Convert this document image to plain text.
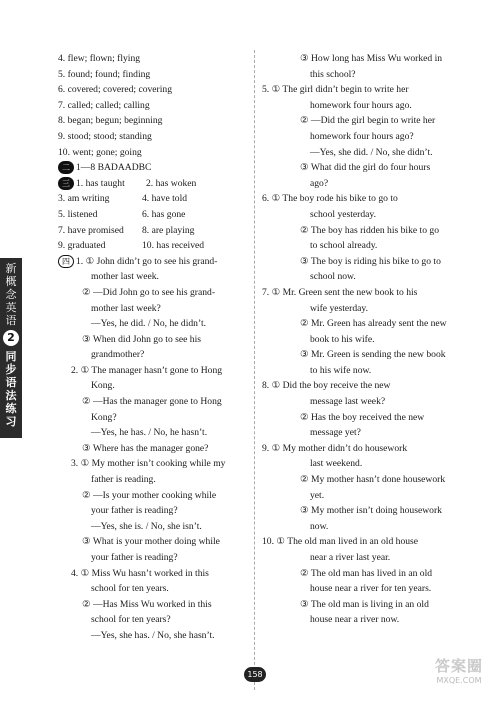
新概念英语
2
同步语法练习
4. flew; flown; flying
5. found; found; finding
6. covered; covered; covering
7. called; called; calling
8. began; begun; beginning
9. stood; stood; standing
10. went; gone; going
二 1—8 BADAADBC
三 1. has taught 2. has woken
3. am writing	4. have told
5. listened	6. has gone
7. have promised	8. are playing
9. graduated	10. has received
四 1. ① John didn’t go to see his grand-
mother last week.
② —Did John go to see his grand-
mother last week?
—Yes, he did. / No, he didn’t.
③ When did John go to see his
grandmother?
2. ① The manager hasn’t gone to Hong
Kong.
② —Has the manager gone to Hong
Kong?
—Yes, he has. / No, he hasn’t.
③ Where has the manager gone?
3. ① My mother isn’t cooking while my
father is reading.
② —Is your mother cooking while
your father is reading?
—Yes, she is. / No, she isn’t.
③ What is your mother doing while
your father is reading?
4. ① Miss Wu hasn’t worked in this
school for ten years.
② —Has Miss Wu worked in this
school for ten years?
—Yes, she has. / No, she hasn’t.
③ How long has Miss Wu worked in
this school?
5. ① The girl didn’t begin to write her
homework four hours ago.
② —Did the girl begin to write her
homework four hours ago?
—Yes, she did. / No, she didn’t.
③ What did the girl do four hours
ago?
6. ① The boy rode his bike to go to
school yesterday.
② The boy has ridden his bike to go
to school already.
③ The boy is riding his bike to go to
school now.
7. ① Mr. Green sent the new book to his
wife yesterday.
② Mr. Green has already sent the new
book to his wife.
③ Mr. Green is sending the new book
to his wife now.
8. ① Did the boy receive the new
message last week?
② Has the boy received the new
message yet?
9. ① My mother didn’t do housework
last weekend.
② My mother hasn’t done housework
yet.
③ My mother isn’t doing housework
now.
10. ① The old man lived in an old house
near a river last year.
② The old man has lived in an old
house near a river for ten years.
③ The old man is living in an old
house near a river now.
158	答案圈
MXQE.COM
